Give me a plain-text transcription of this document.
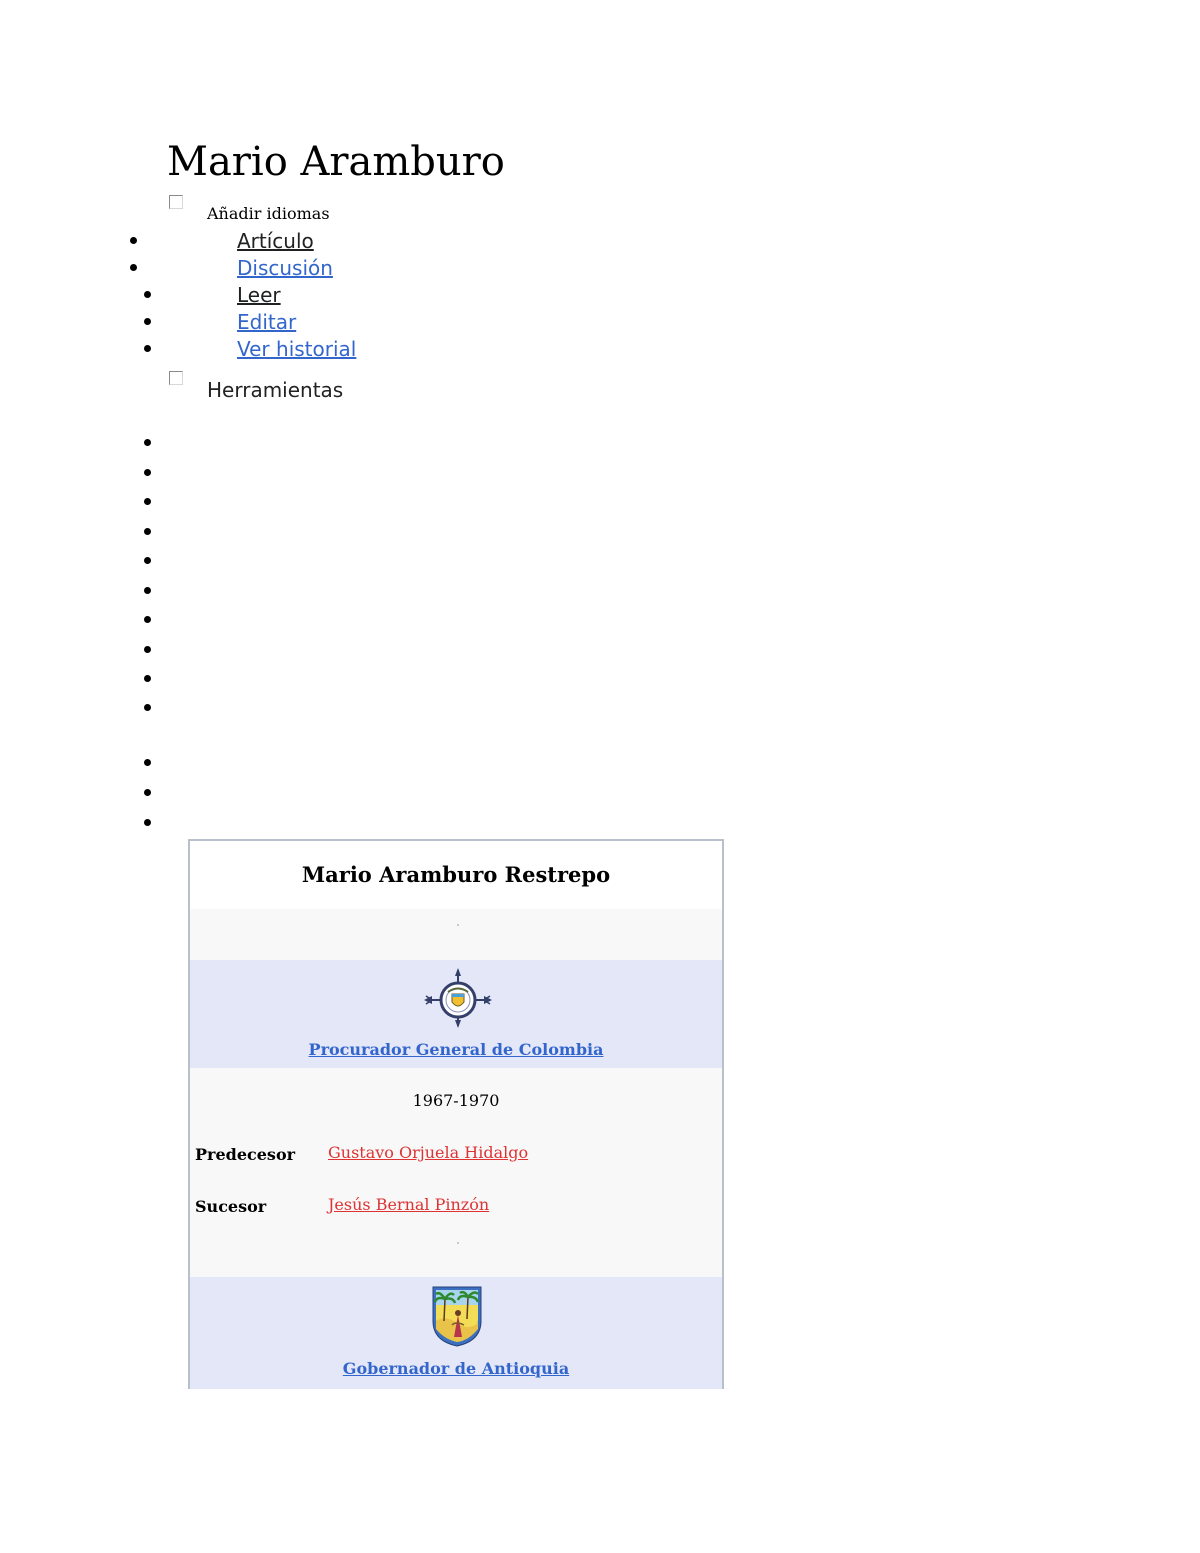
Mario Aramburo
Añadir idiomas
Artículo
Discusión
Leer
Editar
Ver historial
Herramientas
Mario Aramburo Restrepo
Procurador General de Colombia
1967-1970
Predecesor Gustavo Orjuela Hidalgo
Sucesor	Jesús Bernal Pinzón
Gobernador de Antioquia
